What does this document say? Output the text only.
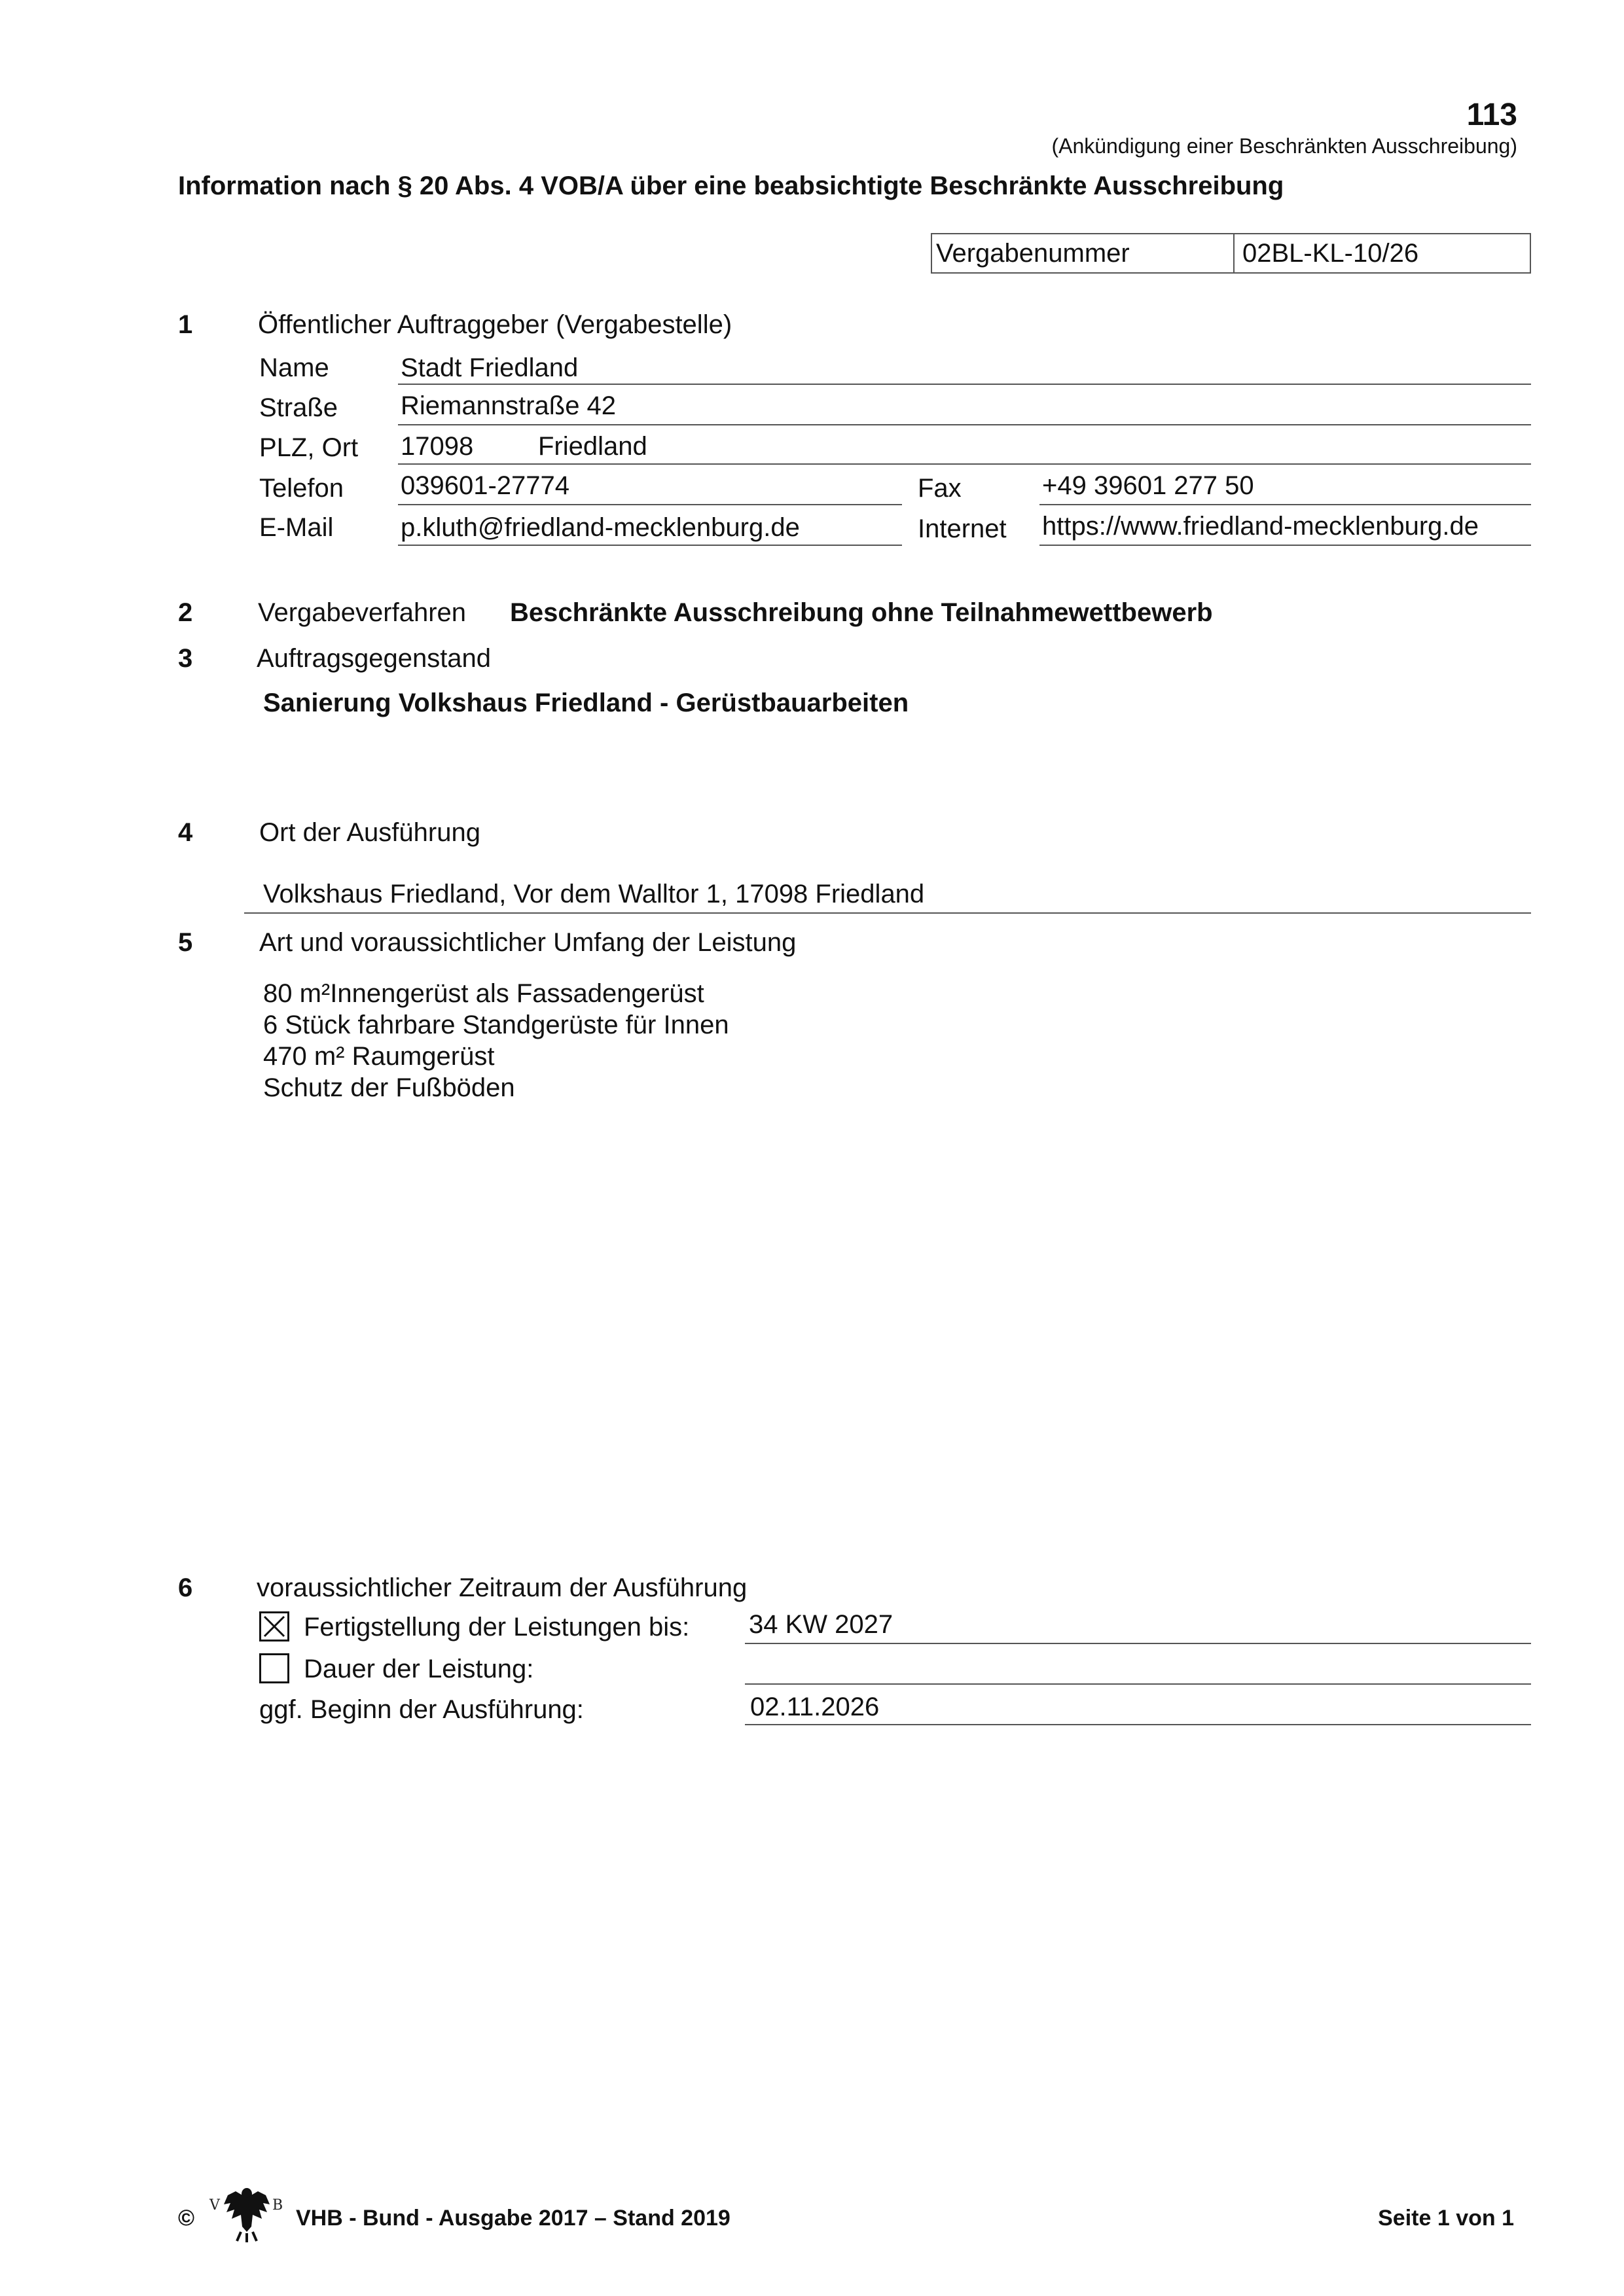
113
(Ankündigung einer Beschränkten Ausschreibung)
Information nach § 20 Abs. 4 VOB/A über eine beabsichtigte Beschränkte Ausschreibung
Vergabenummer	02BL-KL-10/26
1 Öffentlicher Auftraggeber (Vergabestelle)
Name	Stadt Friedland
Straße Riemannstraße 42
PLZ, Ort 17098 Friedland
Telefon 039601-27774	Fax	+49 39601 277 50
E-Mail	p.kluth@friedland-mecklenburg.de	Internet https://www.friedland-mecklenburg.de
2 Vergabeverfahren Beschränkte Ausschreibung ohne Teilnahmewettbewerb
3 Auftragsgegenstand
Sanierung Volkshaus Friedland - Gerüstbauarbeiten
4	Ort der Ausführung
Volkshaus Friedland, Vor dem Walltor 1, 17098 Friedland
5	Art und voraussichtlicher Umfang der Leistung
80 m²Innengerüst als Fassadengerüst
6 Stück fahrbare Standgerüste für Innen
470 m² Raumgerüst
Schutz der Fußböden
6 voraussichtlicher Zeitraum der Ausführung
Fertigstellung der Leistungen bis: 34 KW 2027
Dauer der Leistung:
ggf. Beginn der Ausführung:	02.11.2026
©
V	B
VHB - Bund - Ausgabe 2017 – Stand 2019	Seite 1 von 1
